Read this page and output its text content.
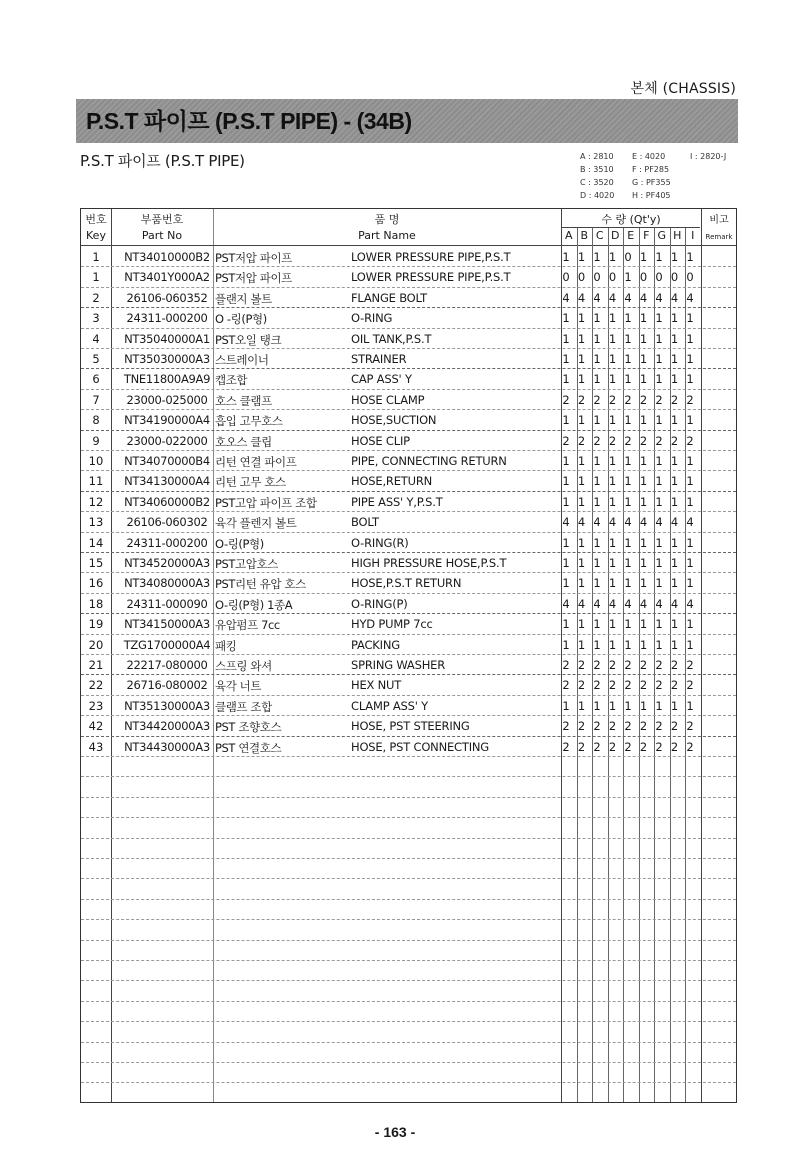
본체 (CHASSIS)
P.S.T 파이프 (P.S.T PIPE) - (34B)
P.S.T 파이프 (P.S.T PIPE)	A : 2810 E : 4020	I : 2820-J
B : 3510 F : PF285
C : 3520 G : PF355
D : 4020 H : PF405
번호
Key
부품번호
Part No
품 명
Part Name
수 량 (Qt'y)	비고
Remark
A B C D E F G H I
1	NT34010000B2 PST저압 파이프	LOWER PRESSURE PIPE,P.S.T	1 1 1 1 0 1 1 1 1
1	NT3401Y000A2 PST저압 파이프	LOWER PRESSURE PIPE,P.S.T	0 0 0 0 1 0 0 0 0
2	26106-060352 플랜지 볼트	FLANGE BOLT	4 4 4 4 4 4 4 4 4
3	24311-000200 O -링(P형)	O-RING	1 1 1 1 1 1 1 1 1
4	NT35040000A1 PST오일 탱크	OIL TANK,P.S.T	1 1 1 1 1 1 1 1 1
5	NT35030000A3 스트레이너	STRAINER	1 1 1 1 1 1 1 1 1
6	TNE11800A9A9 캡조합	CAP ASS' Y	1 1 1 1 1 1 1 1 1
7	23000-025000 호스 클램프	HOSE CLAMP	2 2 2 2 2 2 2 2 2
8	NT34190000A4 흡입 고무호스	HOSE,SUCTION	1 1 1 1 1 1 1 1 1
9	23000-022000 호오스 클립	HOSE CLIP	2 2 2 2 2 2 2 2 2
10	NT34070000B4 리턴 연결 파이프	PIPE, CONNECTING RETURN	1 1 1 1 1 1 1 1 1
11	NT34130000A4 리턴 고무 호스	HOSE,RETURN	1 1 1 1 1 1 1 1 1
12	NT34060000B2 PST고압 파이프 조합	PIPE ASS' Y,P.S.T	1 1 1 1 1 1 1 1 1
13	26106-060302 육각 플렌지 볼트	BOLT	4 4 4 4 4 4 4 4 4
14	24311-000200 O-링(P형)	O-RING(R)	1 1 1 1 1 1 1 1 1
15	NT34520000A3 PST고압호스	HIGH PRESSURE HOSE,P.S.T	1 1 1 1 1 1 1 1 1
16	NT34080000A3 PST리턴 유압 호스	HOSE,P.S.T RETURN	1 1 1 1 1 1 1 1 1
18	24311-000090 O-링(P형) 1종A	O-RING(P)	4 4 4 4 4 4 4 4 4
19	NT34150000A3 유압펌프 7cc	HYD PUMP 7cc	1 1 1 1 1 1 1 1 1
20	TZG1700000A4 패킹	PACKING	1 1 1 1 1 1 1 1 1
21	22217-080000 스프링 와셔	SPRING WASHER	2 2 2 2 2 2 2 2 2
22	26716-080002 육각 너트	HEX NUT	2 2 2 2 2 2 2 2 2
23	NT35130000A3 클램프 조합	CLAMP ASS' Y	1 1 1 1 1 1 1 1 1
42	NT34420000A3 PST 조향호스	HOSE, PST STEERING	2 2 2 2 2 2 2 2 2
43	NT34430000A3 PST 연결호스	HOSE, PST CONNECTING	2 2 2 2 2 2 2 2 2
- 163 -
